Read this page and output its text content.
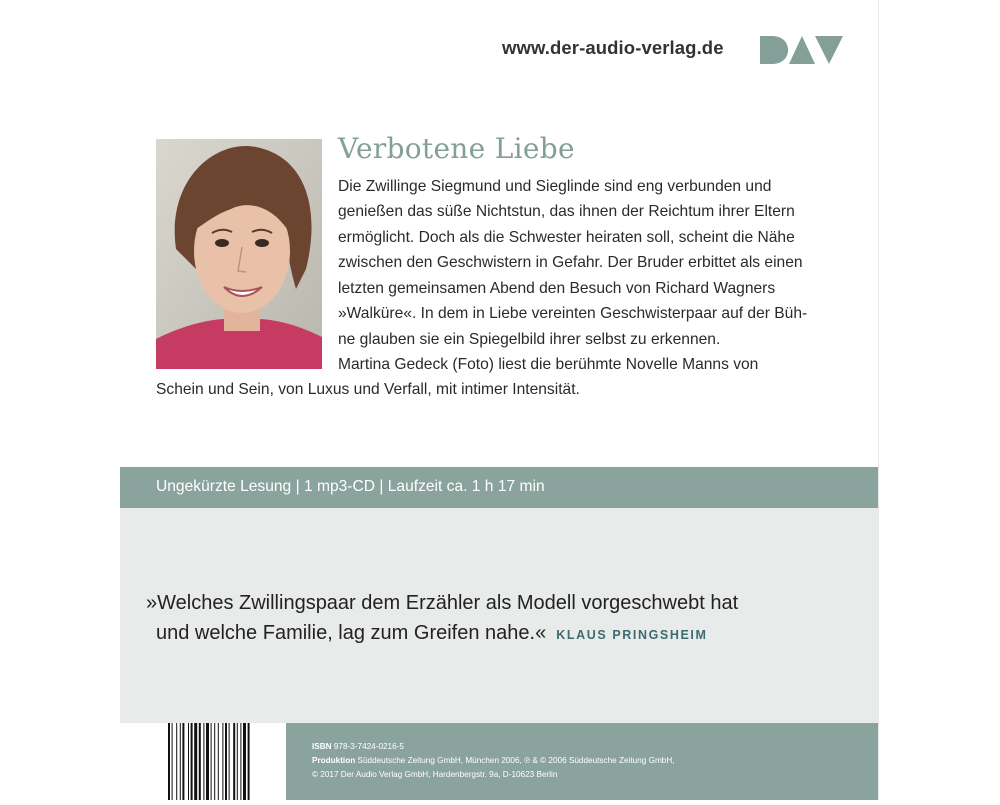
www.der-audio-verlag.de
Verbotene Liebe
Die Zwillinge Siegmund und Sieglinde sind eng verbunden und
genießen das süße Nichtstun, das ihnen der Reichtum ihrer Eltern
ermöglicht. Doch als die Schwester heiraten soll, scheint die Nähe
zwischen den Geschwistern in Gefahr. Der Bruder erbittet als einen
letzten gemeinsamen Abend den Besuch von Richard Wagners
»Walküre«. In dem in Liebe vereinten Geschwisterpaar auf der Büh-
ne glauben sie ein Spiegelbild ihrer selbst zu erkennen.
Martina Gedeck (Foto) liest die berühmte Novelle Manns von
Schein und Sein, von Luxus und Verfall, mit intimer Intensität.
Ungekürzte Lesung | 1 mp3-CD | Laufzeit ca. 1 h 17 min
»Welches Zwillingspaar dem Erzähler als Modell vorgeschwebt hat
und welche Familie, lag zum Greifen nahe.« KLAUS PRINGSHEIM
ISBN 978-3-7424-0216-5
Produktion Süddeutsche Zeitung GmbH, München 2006, ℗ & © 2006 Süddeutsche Zeitung GmbH,
© 2017 Der Audio Verlag GmbH, Hardenbergstr. 9a, D-10623 Berlin
